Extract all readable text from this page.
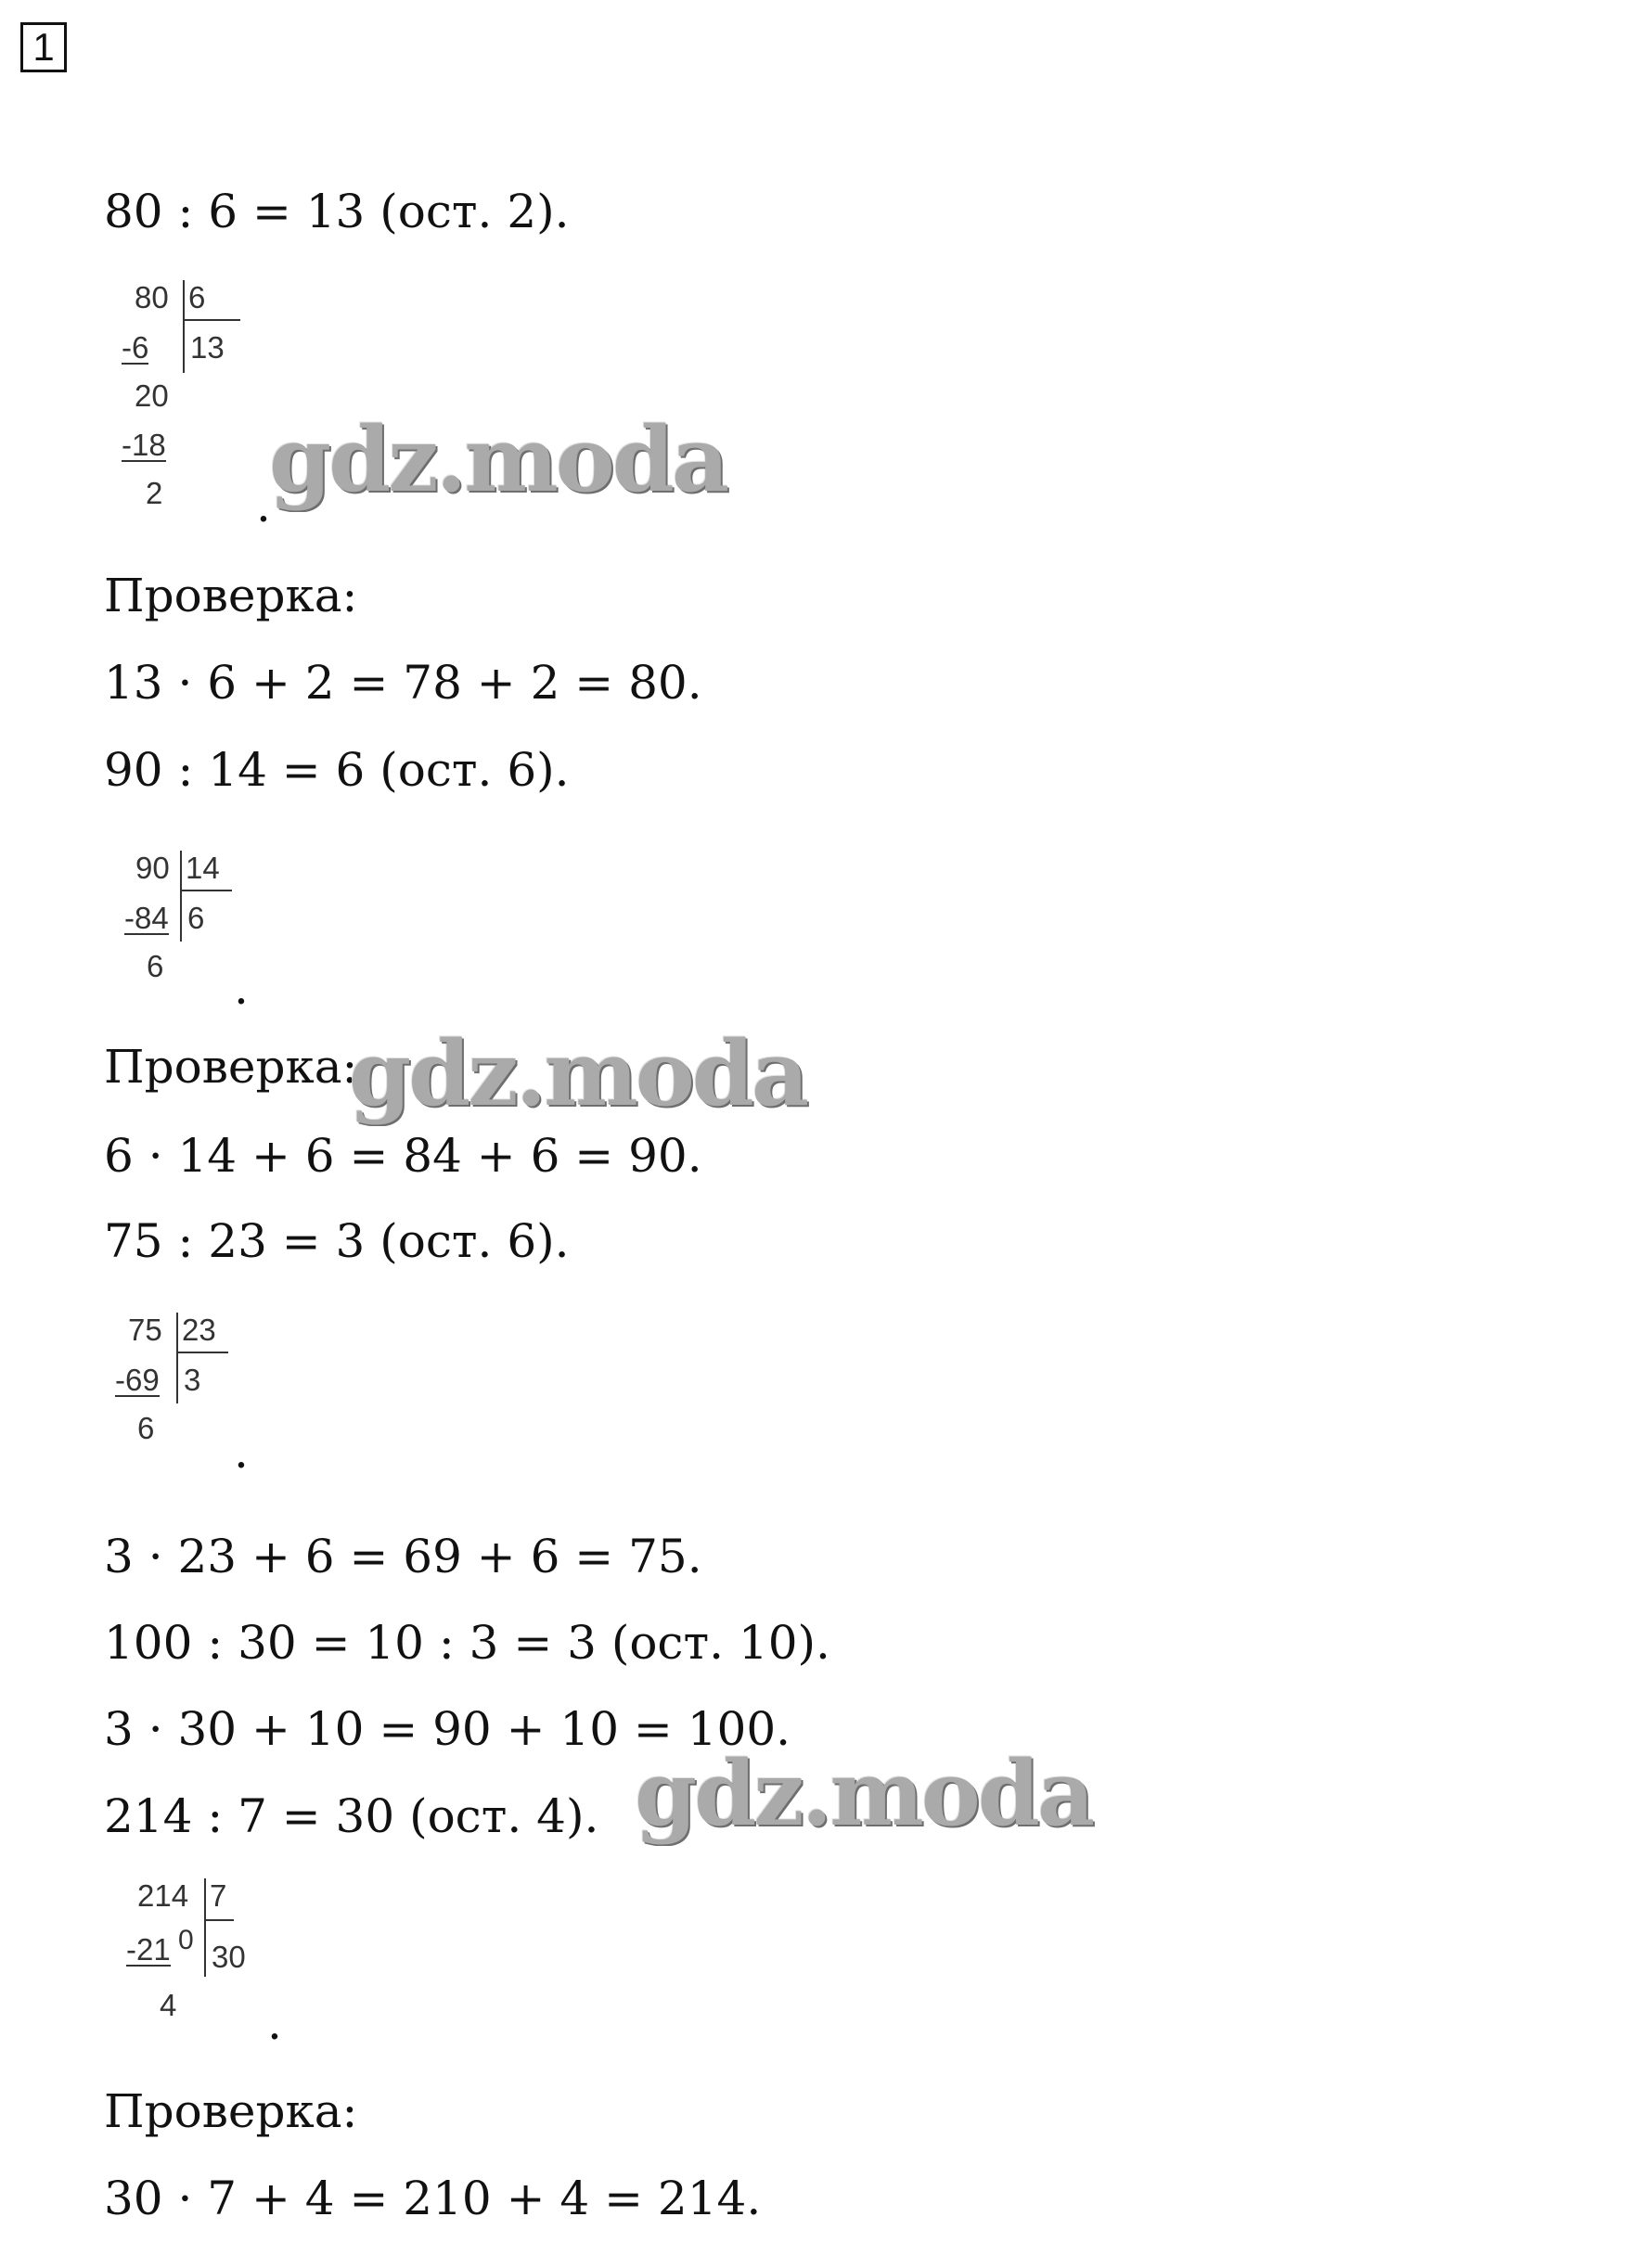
1
80 : 6 = 13 (ост. 2).
80 6
13
-6
20
-18
2 .
gdz.moda
Проверка:
13 · 6 + 2 = 78 + 2 = 80.
90 : 14 = 6 (ост. 6).
90 14
6
-84
6 .
Проверка:
gdz.moda
6 · 14 + 6 = 84 + 6 = 90.
75 : 23 = 3 (ост. 6).
75 23
3
-69
6 .
3 · 23 + 6 = 69 + 6 = 75.
100 : 30 = 10 : 3 = 3 (ост. 10).
3 · 30 + 10 = 90 + 10 = 100.
214 : 7 = 30 (ост. 4). gdz.moda
214 7
30
-21 0
4 .
Проверка:
30 · 7 + 4 = 210 + 4 = 214.
